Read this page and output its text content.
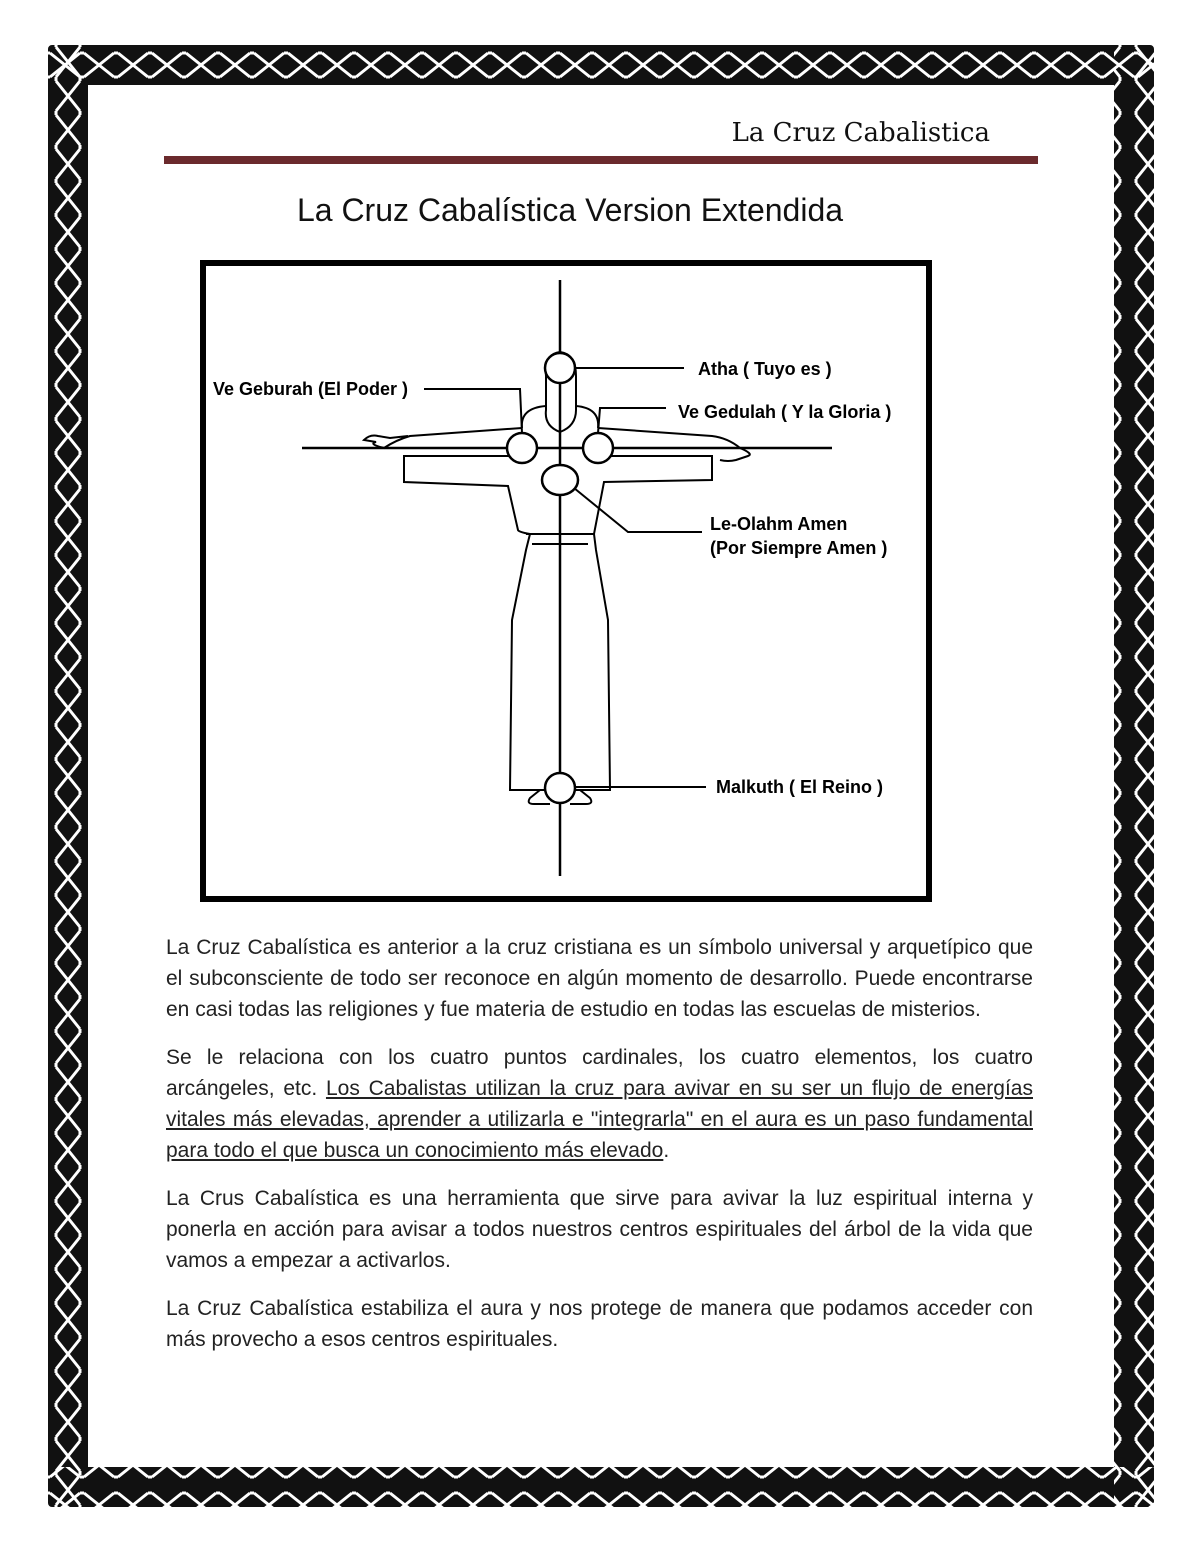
La Cruz Cabalistica
La Cruz Cabalística Version Extendida
Atha ( Tuyo es )
Ve Geburah (El Poder )
Ve Gedulah ( Y la Gloria )
Le-Olahm Amen
(Por Siempre Amen )
Malkuth ( El Reino )

La Cruz Cabalística es anterior a la cruz cristiana es un símbolo universal y arquetípico que el subconsciente de todo ser reconoce en algún momento de desarrollo. Puede encontrarse en casi todas las religiones y fue materia de estudio en todas las escuelas de misterios.

Se le relaciona con los cuatro puntos cardinales, los cuatro elementos, los cuatro arcángeles, etc. Los Cabalistas utilizan la cruz para avivar en su ser un flujo de energías vitales más elevadas, aprender a utilizarla e "integrarla" en el aura es un paso fundamental para todo el que busca un conocimiento más elevado.

La Crus Cabalística es una herramienta que sirve para avivar la luz espiritual interna y ponerla en acción para avisar a todos nuestros centros espirituales del árbol de la vida que vamos a empezar a activarlos.

La Cruz Cabalística estabiliza el aura y nos protege de manera que podamos acceder con más provecho a esos centros espirituales.
